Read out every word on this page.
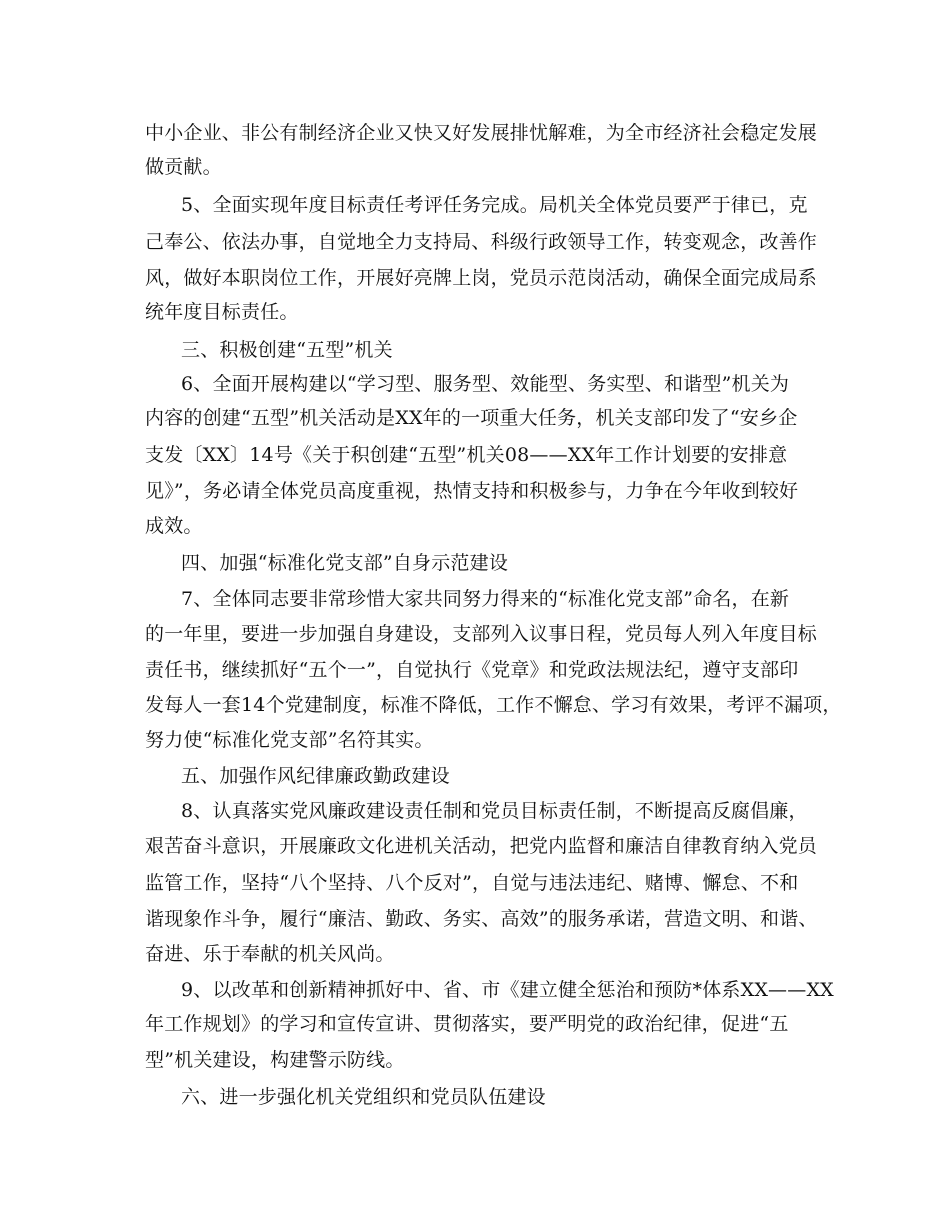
中小企业、非公有制经济企业又快又好发展排忧解难，为全市经济社会稳定发展
做贡献。
5、全面实现年度目标责任考评任务完成。局机关全体党员要严于律已，克
己奉公、依法办事，自觉地全力支持局、科级行政领导工作，转变观念，改善作
风，做好本职岗位工作，开展好亮牌上岗，党员示范岗活动，确保全面完成局系
统年度目标责任。
三、积极创建“五型”机关
6、全面开展构建以“学习型、服务型、效能型、务实型、和谐型”机关为
内容的创建“五型”机关活动是XX年的一项重大任务，机关支部印发了“安乡企
支发〔XX〕14号《关于积创建“五型”机关08——XX年工作计划要的安排意
见》”，务必请全体党员高度重视，热情支持和积极参与，力争在今年收到较好
成效。
四、加强“标准化党支部”自身示范建设
7、全体同志要非常珍惜大家共同努力得来的“标准化党支部”命名，在新
的一年里，要进一步加强自身建设，支部列入议事日程，党员每人列入年度目标
责任书，继续抓好“五个一”，自觉执行《党章》和党政法规法纪，遵守支部印
发每人一套14个党建制度，标准不降低，工作不懈怠、学习有效果，考评不漏项，
努力使“标准化党支部”名符其实。
五、加强作风纪律廉政勤政建设
8、认真落实党风廉政建设责任制和党员目标责任制，不断提高反腐倡廉，
艰苦奋斗意识，开展廉政文化进机关活动，把党内监督和廉洁自律教育纳入党员
监管工作，坚持“八个坚持、八个反对”，自觉与违法违纪、赌博、懈怠、不和
谐现象作斗争，履行“廉洁、勤政、务实、高效”的服务承诺，营造文明、和谐、
奋进、乐于奉献的机关风尚。
9、以改革和创新精神抓好中、省、市《建立健全惩治和预防*体系XX——XX
年工作规划》的学习和宣传宣讲、贯彻落实，要严明党的政治纪律，促进“五
型”机关建设，构建警示防线。
六、进一步强化机关党组织和党员队伍建设
